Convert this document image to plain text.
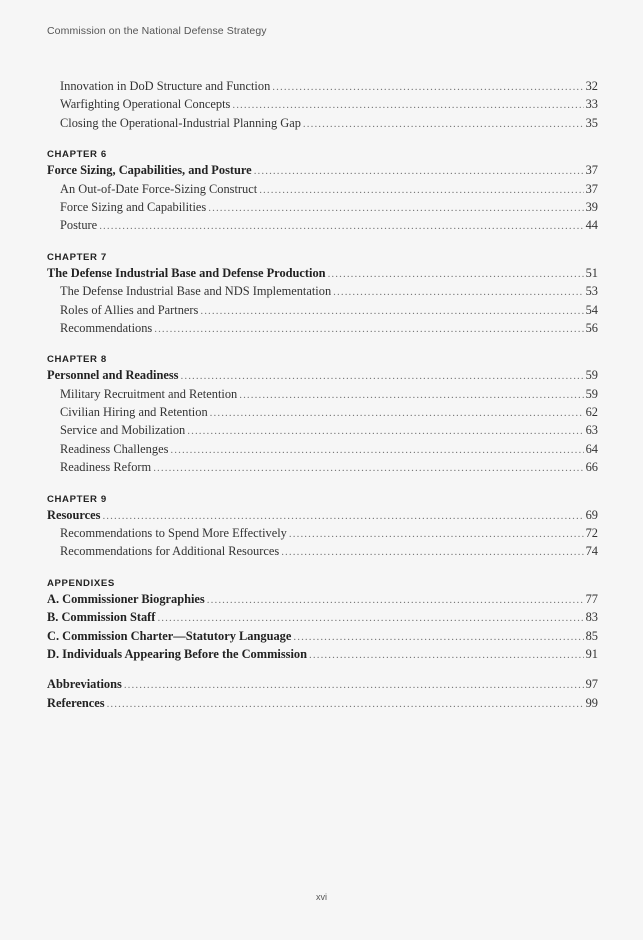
Commission on the National Defense Strategy
Innovation in DoD Structure and Function .....	32
Warfighting Operational Concepts .....	33
Closing the Operational-Industrial Planning Gap .....	35
CHAPTER 6
Force Sizing, Capabilities, and Posture .....	37
An Out-of-Date Force-Sizing Construct .....	37
Force Sizing and Capabilities .....	39
Posture .....	44
CHAPTER 7
The Defense Industrial Base and Defense Production .....	51
The Defense Industrial Base and NDS Implementation .....	53
Roles of Allies and Partners .....	54
Recommendations .....	56
CHAPTER 8
Personnel and Readiness .....	59
Military Recruitment and Retention .....	59
Civilian Hiring and Retention .....	62
Service and Mobilization .....	63
Readiness Challenges .....	64
Readiness Reform .....	66
CHAPTER 9
Resources .....	69
Recommendations to Spend More Effectively .....	72
Recommendations for Additional Resources .....	74
APPENDIXES
A. Commissioner Biographies .....	77
B. Commission Staff .....	83
C. Commission Charter—Statutory Language .....	85
D. Individuals Appearing Before the Commission .....	91
Abbreviations .....	97
References .....	99
xvi
